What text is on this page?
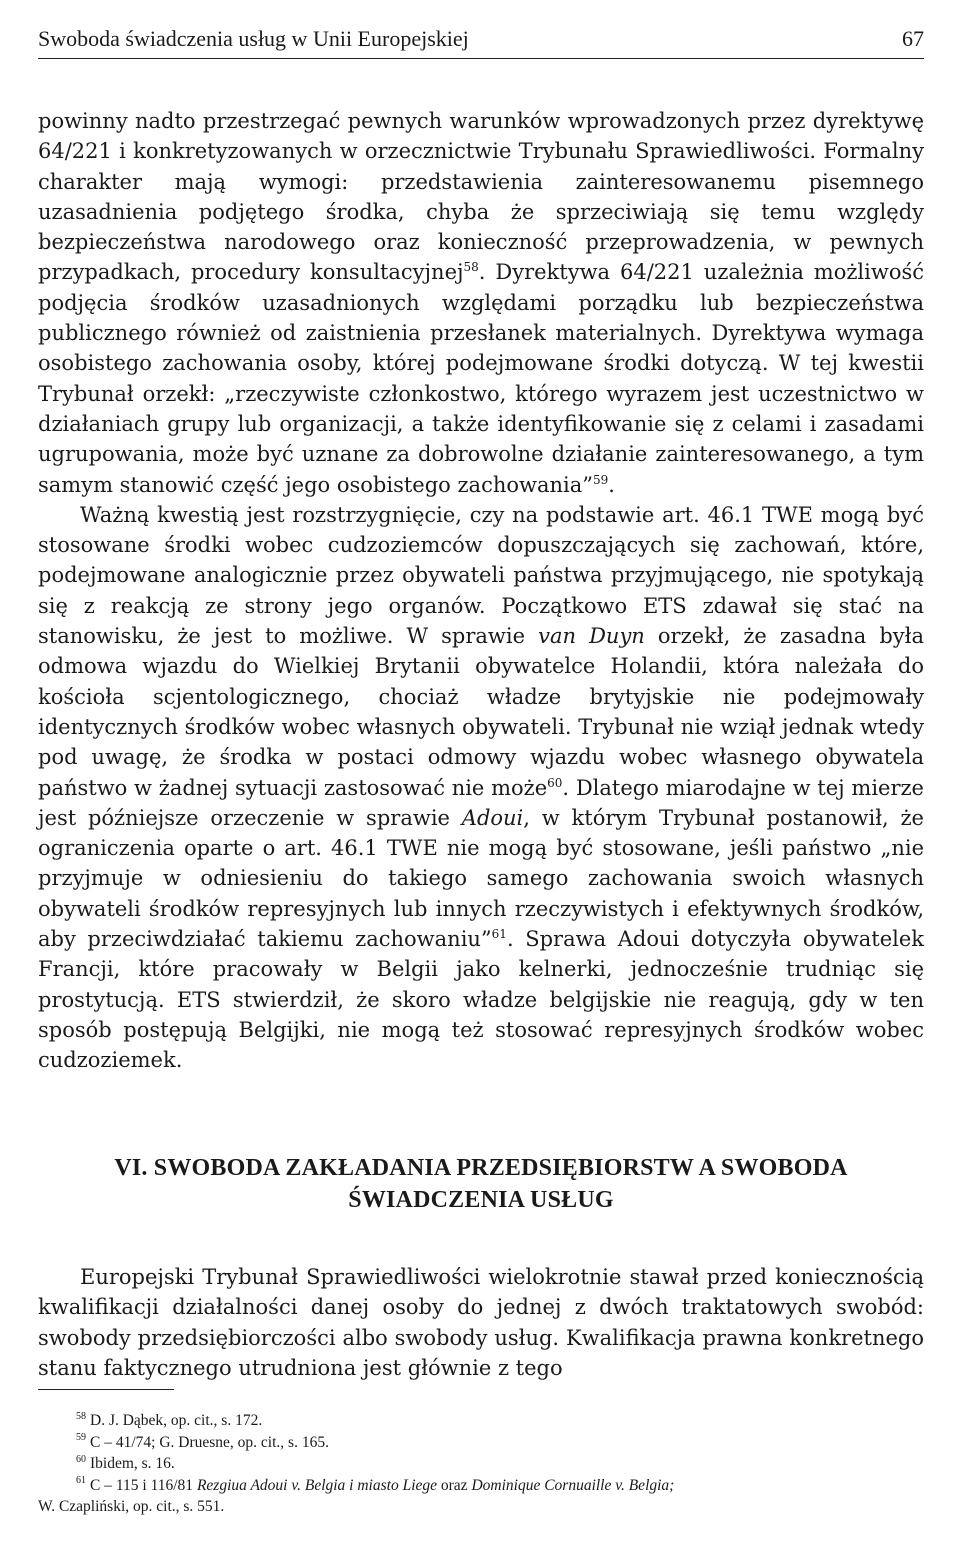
Swoboda świadczenia usług w Unii Europejskiej	67

powinny nadto przestrzegać pewnych warunków wprowadzonych przez dyrektywę 64/221 i konkretyzowanych w orzecznictwie Trybunału Sprawiedliwości. Formalny charakter mają wymogi: przedstawienia zainteresowanemu pisemnego uzasadnienia podjętego środka, chyba że sprzeciwiają się temu względy bezpieczeństwa narodowego oraz konieczność przeprowadzenia, w pewnych przypadkach, procedury konsultacyjnej$^{58}$. Dyrektywa 64/221 uzależnia możliwość podjęcia środków uzasadnionych względami porządku lub bezpieczeństwa publicznego również od zaistnienia przesłanek materialnych. Dyrektywa wymaga osobistego zachowania osoby, której podejmowane środki dotyczą. W tej kwestii Trybunał orzekł: „rzeczywiste członkostwo, którego wyrazem jest uczestnictwo w działaniach grupy lub organizacji, a także identyfikowanie się z celami i zasadami ugrupowania, może być uznane za dobrowolne działanie zainteresowanego, a tym samym stanowić część jego osobistego zachowania”$^{59}$.

Ważną kwestią jest rozstrzygnięcie, czy na podstawie art. 46.1 TWE mogą być stosowane środki wobec cudzoziemców dopuszczających się zachowań, które, podejmowane analogicznie przez obywateli państwa przyjmującego, nie spotykają się z reakcją ze strony jego organów. Początkowo ETS zdawał się stać na stanowisku, że jest to możliwe. W sprawie van Duyn orzekł, że zasadna była odmowa wjazdu do Wielkiej Brytanii obywatelce Holandii, która należała do kościoła scjentologicznego, chociaż władze brytyjskie nie podejmowały identycznych środków wobec własnych obywateli. Trybunał nie wziął jednak wtedy pod uwagę, że środka w postaci odmowy wjazdu wobec własnego obywatela państwo w żadnej sytuacji zastosować nie może$^{60}$. Dlatego miarodajne w tej mierze jest późniejsze orzeczenie w sprawie Adoui, w którym Trybunał postanowił, że ograniczenia oparte o art. 46.1 TWE nie mogą być stosowane, jeśli państwo „nie przyjmuje w odniesieniu do takiego samego zachowania swoich własnych obywateli środków represyjnych lub innych rzeczywistych i efektywnych środków, aby przeciwdziałać takiemu zachowaniu”$^{61}$. Sprawa Adoui dotyczyła obywatelek Francji, które pracowały w Belgii jako kelnerki, jednocześnie trudniąc się prostytucją. ETS stwierdził, że skoro władze belgijskie nie reagują, gdy w ten sposób postępują Belgijki, nie mogą też stosować represyjnych środków wobec cudzoziemek.

VI. SWOBODA ZAKŁADANIA PRZEDSIĘBIORSTW A SWOBODA
ŚWIADCZENIA USŁUG

Europejski Trybunał Sprawiedliwości wielokrotnie stawał przed koniecznością kwalifikacji działalności danej osoby do jednej z dwóch traktatowych swobód: swobody przedsiębiorczości albo swobody usług. Kwalifikacja prawna konkretnego stanu faktycznego utrudniona jest głównie z tego

$^{58}$ D. J. Dąbek, op. cit., s. 172.

$^{59}$ C – 41/74; G. Druesne, op. cit., s. 165.

$^{60}$ Ibidem, s. 16.

$^{61}$ C – 115 i 116/81 Rezgiua Adoui v. Belgia i miasto Liege oraz Dominique Cornuaille v. Belgia;
W. Czapliński, op. cit., s. 551.
